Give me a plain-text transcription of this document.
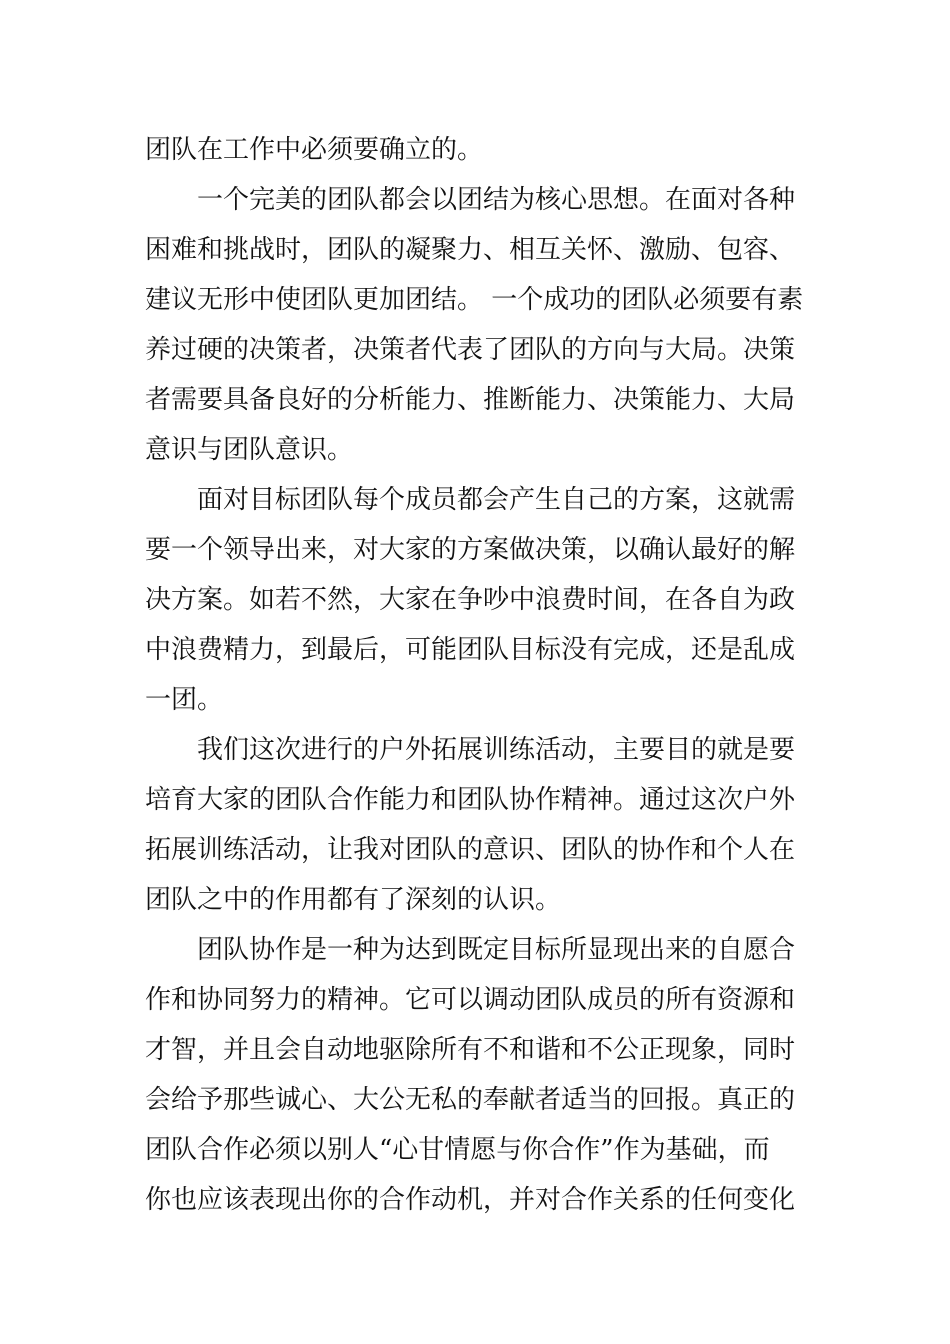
团队在工作中必须要确立的。
一个完美的团队都会以团结为核心思想。在面对各种
困难和挑战时，团队的凝聚力、相互关怀、激励、包容、
建议无形中使团队更加团结。 一个成功的团队必须要有素
养过硬的决策者，决策者代表了团队的方向与大局。决策
者需要具备良好的分析能力、推断能力、决策能力、大局
意识与团队意识。
面对目标团队每个成员都会产生自己的方案，这就需
要一个领导出来，对大家的方案做决策，以确认最好的解
决方案。如若不然，大家在争吵中浪费时间，在各自为政
中浪费精力，到最后，可能团队目标没有完成，还是乱成
一团。
我们这次进行的户外拓展训练活动，主要目的就是要
培育大家的团队合作能力和团队协作精神。通过这次户外
拓展训练活动，让我对团队的意识、团队的协作和个人在
团队之中的作用都有了深刻的认识。
团队协作是一种为达到既定目标所显现出来的自愿合
作和协同努力的精神。它可以调动团队成员的所有资源和
才智，并且会自动地驱除所有不和谐和不公正现象，同时
会给予那些诚心、大公无私的奉献者适当的回报。真正的
团队合作必须以别人“心甘情愿与你合作”作为基础，而
你也应该表现出你的合作动机，并对合作关系的任何变化
